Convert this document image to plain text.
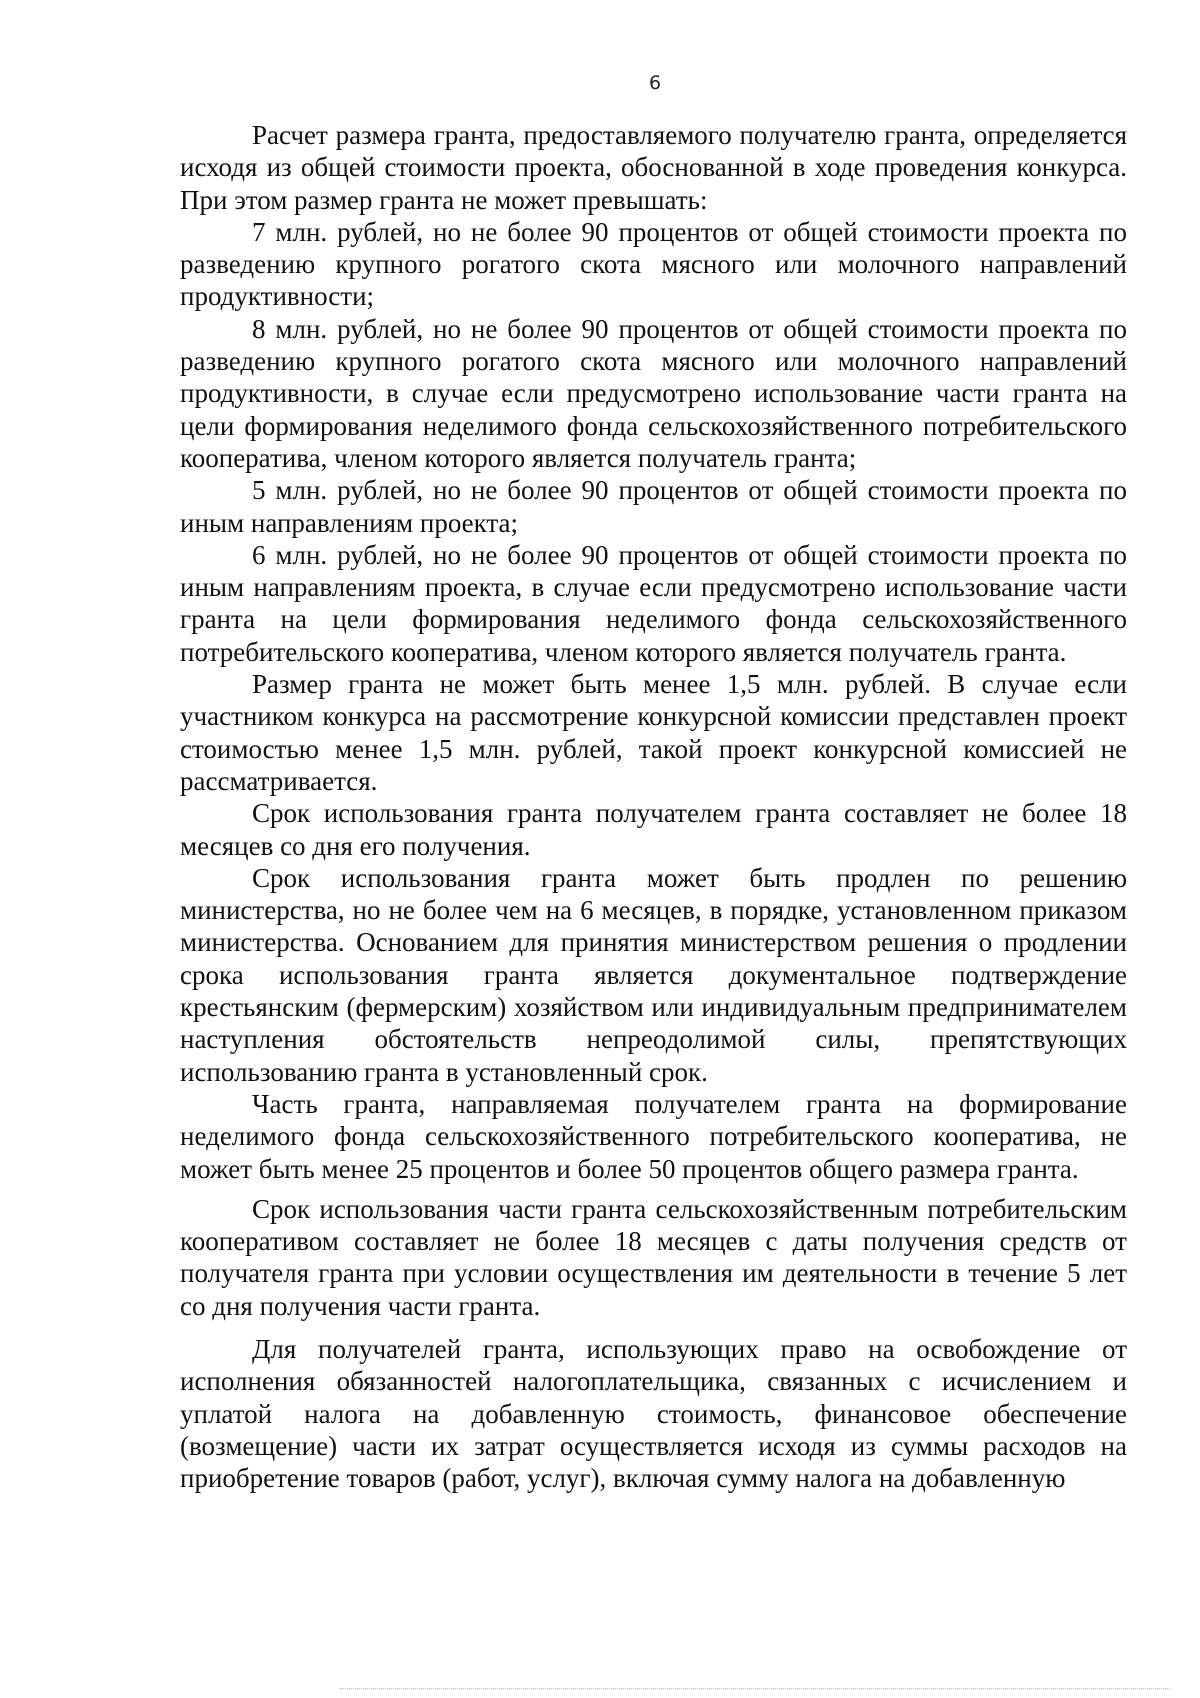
6

Расчет размера гранта, предоставляемого получателю гранта, определяется исходя из общей стоимости проекта, обоснованной в ходе проведения конкурса. При этом размер гранта не может превышать:

7 млн. рублей, но не более 90 процентов от общей стоимости проекта по разведению крупного рогатого скота мясного или молочного направлений продуктивности;

8 млн. рублей, но не более 90 процентов от общей стоимости проекта по разведению крупного рогатого скота мясного или молочного направлений продуктивности, в случае если предусмотрено использование части гранта на цели формирования неделимого фонда сельскохозяйственного потребительского кооператива, членом которого является получатель гранта;

5 млн. рублей, но не более 90 процентов от общей стоимости проекта по иным направлениям проекта;

6 млн. рублей, но не более 90 процентов от общей стоимости проекта по иным направлениям проекта, в случае если предусмотрено использование части гранта на цели формирования неделимого фонда сельскохозяйственного потребительского кооператива, членом которого является получатель гранта.

Размер гранта не может быть менее 1,5 млн. рублей. В случае если участником конкурса на рассмотрение конкурсной комиссии представлен проект стоимостью менее 1,5 млн. рублей, такой проект конкурсной комиссией не рассматривается.

Срок использования гранта получателем гранта составляет не более 18 месяцев со дня его получения.

Срок использования гранта может быть продлен по решению министерства, но не более чем на 6 месяцев, в порядке, установленном приказом министерства. Основанием для принятия министерством решения о продлении срока использования гранта является документальное подтверждение крестьянским (фермерским) хозяйством или индивидуальным предпринимателем наступления обстоятельств непреодолимой силы, препятствующих использованию гранта в установленный срок.

Часть гранта, направляемая получателем гранта на формирование неделимого фонда сельскохозяйственного потребительского кооператива, не может быть менее 25 процентов и более 50 процентов общего размера гранта.

Срок использования части гранта сельскохозяйственным потребительским кооперативом составляет не более 18 месяцев с даты получения средств от получателя гранта при условии осуществления им деятельности в течение 5 лет со дня получения части гранта.

Для получателей гранта, использующих право на освобождение от исполнения обязанностей налогоплательщика, связанных с исчислением и уплатой налога на добавленную стоимость, финансовое обеспечение (возмещение) части их затрат осуществляется исходя из суммы расходов на приобретение товаров (работ, услуг), включая сумму налога на добавленную
